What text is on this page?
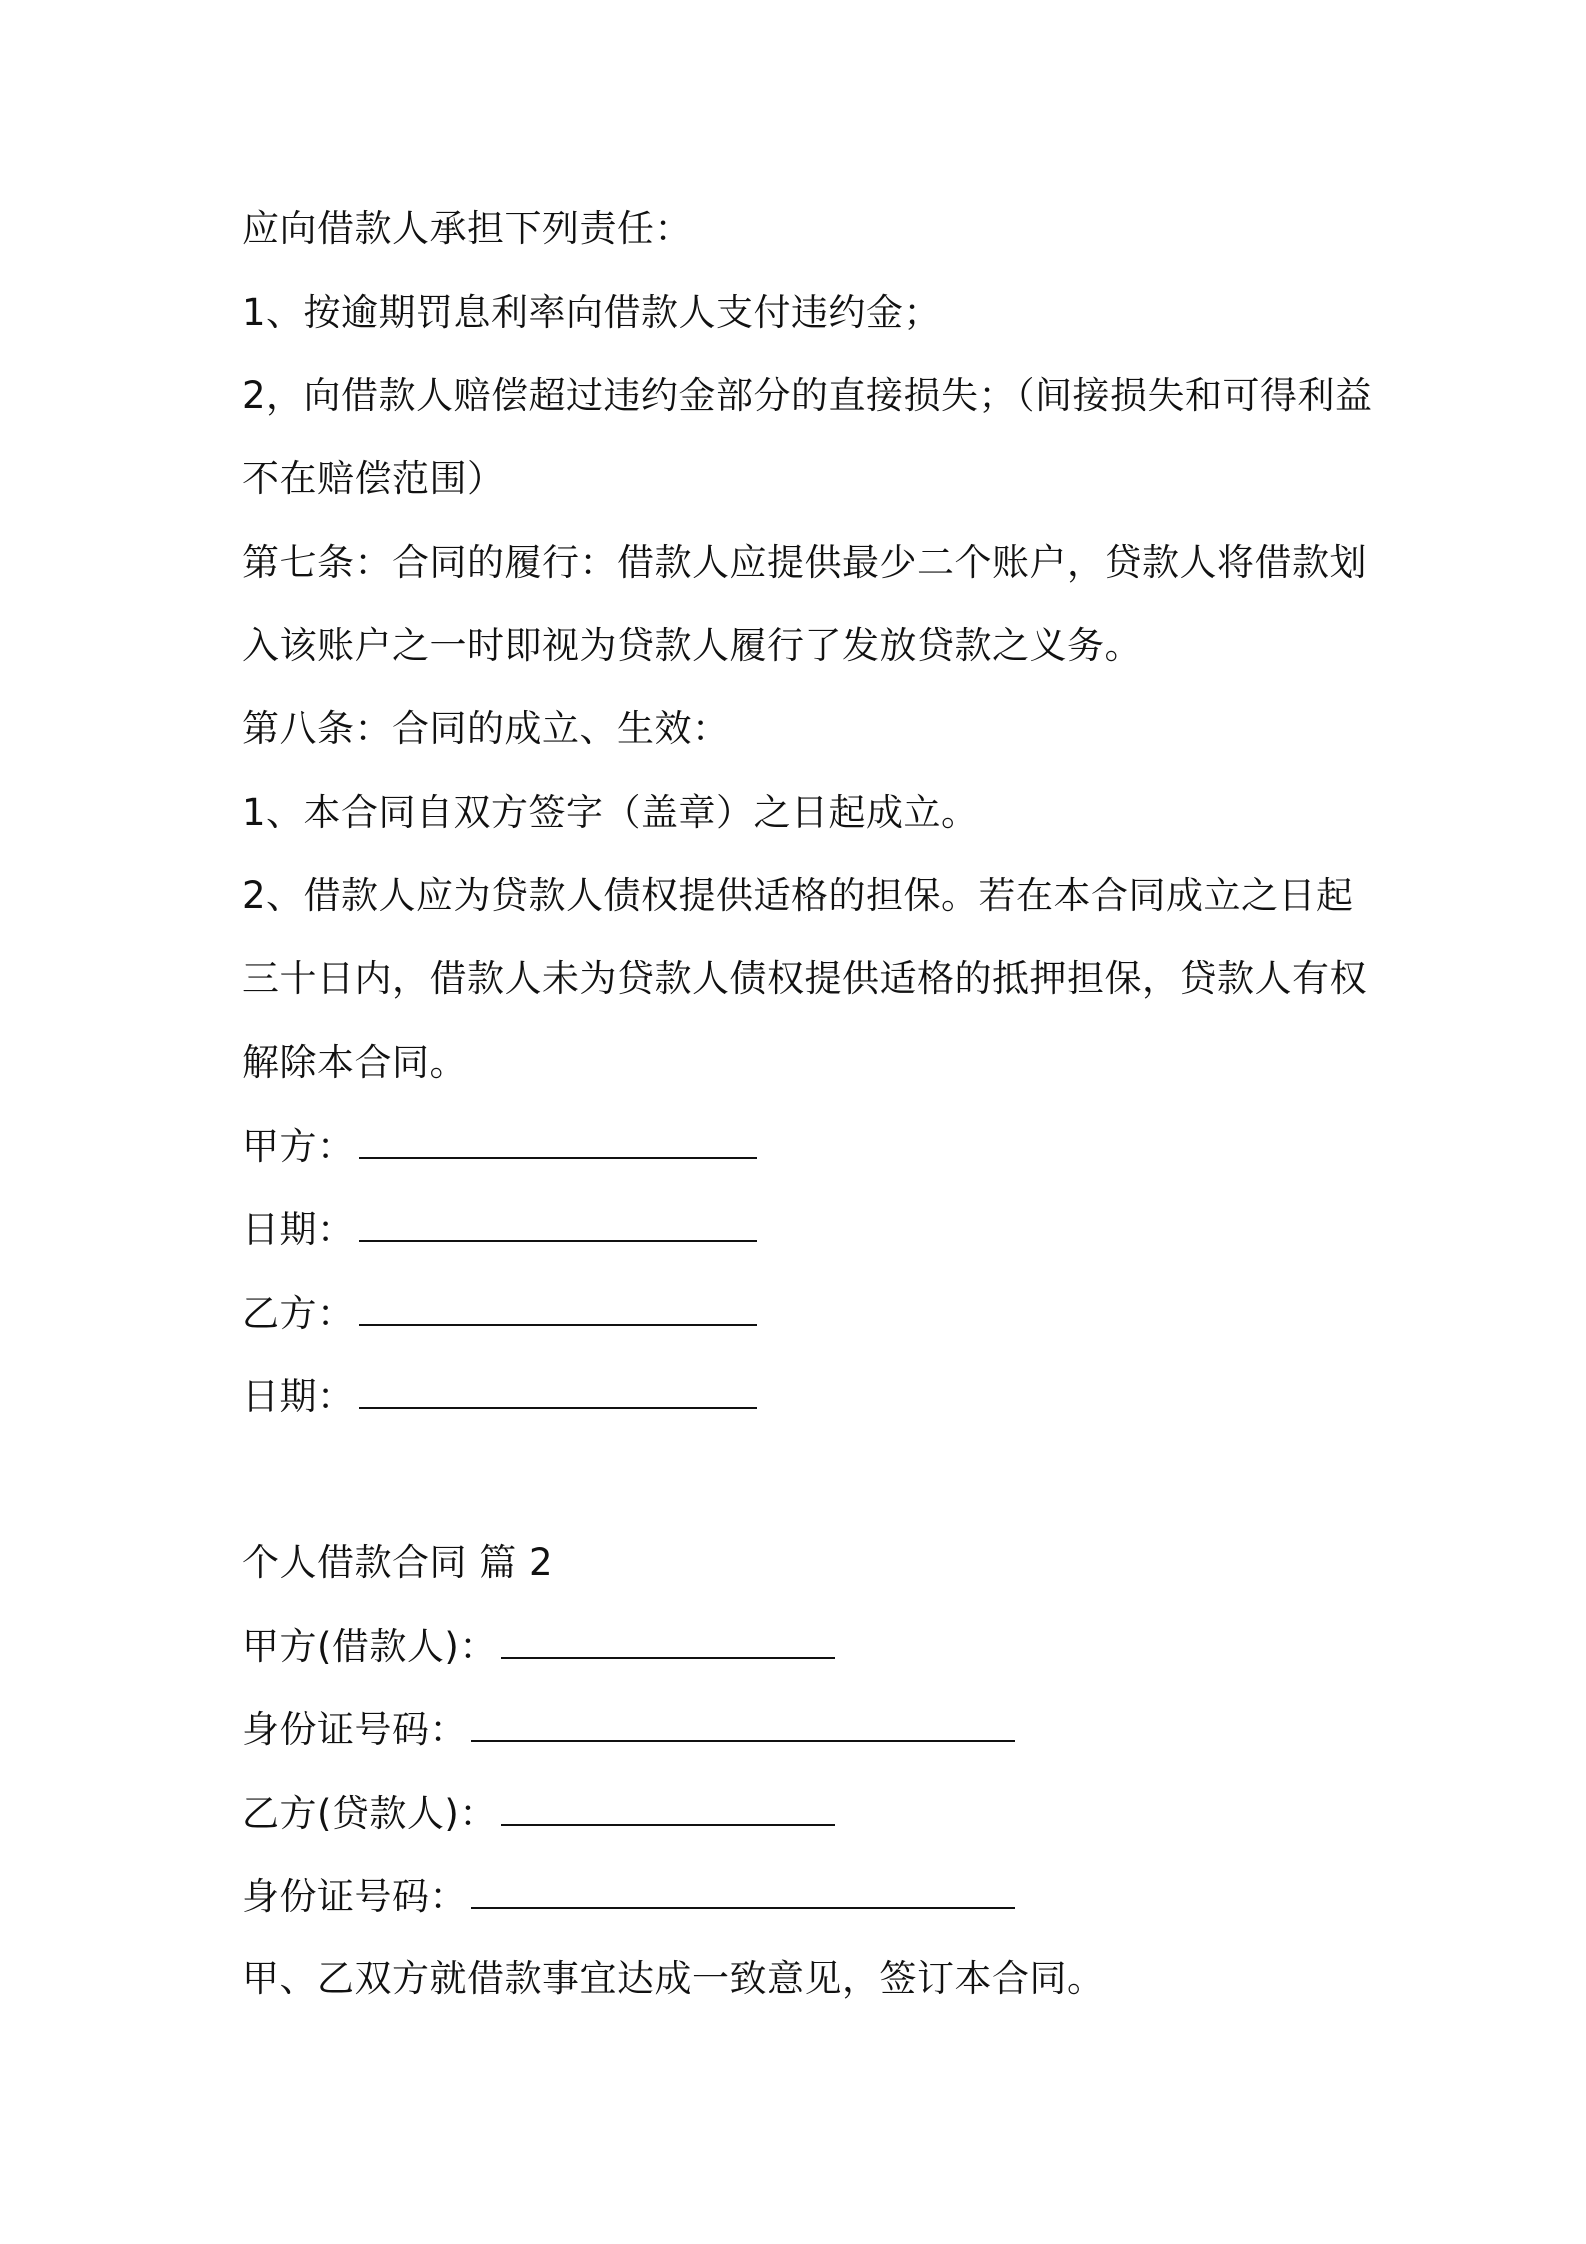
应向借款人承担下列责任：
1、按逾期罚息利率向借款人支付违约金；
2，向借款人赔偿超过违约金部分的直接损失；（间接损失和可得利益
不在赔偿范围）
第七条：合同的履行：借款人应提供最少二个账户，贷款人将借款划
入该账户之一时即视为贷款人履行了发放贷款之义务。
第八条：合同的成立、生效：
1、本合同自双方签字（盖章）之日起成立。
2、借款人应为贷款人债权提供适格的担保。若在本合同成立之日起
三十日内，借款人未为贷款人债权提供适格的抵押担保，贷款人有权
解除本合同。
甲方：
日期：
乙方：
日期：
个人借款合同 篇 2
甲方(借款人)：
身份证号码：
乙方(贷款人)：
身份证号码：
甲、乙双方就借款事宜达成一致意见，签订本合同。
